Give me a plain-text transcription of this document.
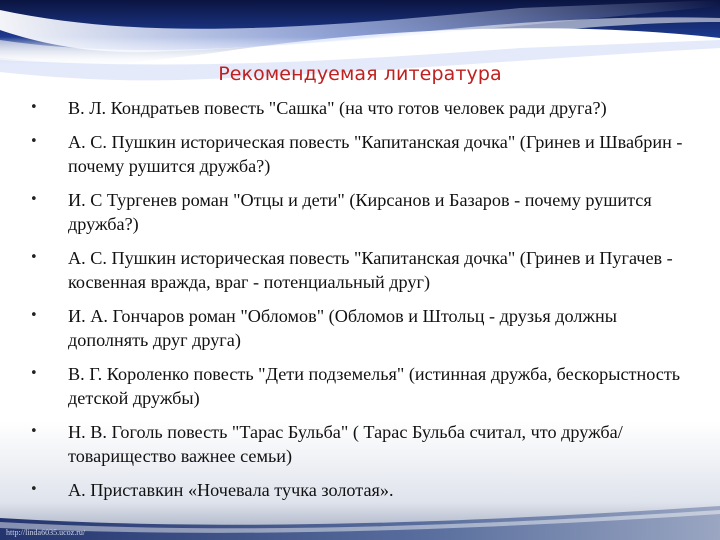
Рекомендуемая литература
•	В. Л. Кондратьев повесть "Сашка" (на что готов человек ради друга?)
•	А. С. Пушкин историческая повесть "Капитанская дочка" (Гринев и Швабрин - почему рушится дружба?)
•	И. С Тургенев роман "Отцы и дети" (Кирсанов и Базаров - почему рушится дружба?)
•	А. С. Пушкин историческая повесть "Капитанская дочка" (Гринев и Пугачев - косвенная вражда, враг - потенциальный друг)
•	И. А. Гончаров роман "Обломов" (Обломов и Штольц - друзья должны дополнять друг друга)
•	В. Г. Короленко повесть "Дети подземелья" (истинная дружба, бескорыстность детской дружбы)
•	Н. В. Гоголь повесть "Тарас Бульба" ( Тарас Бульба считал, что дружба/товарищество важнее семьи)
•	А. Приставкин «Ночевала тучка золотая».
http://linda6035.ucoz.ru/
